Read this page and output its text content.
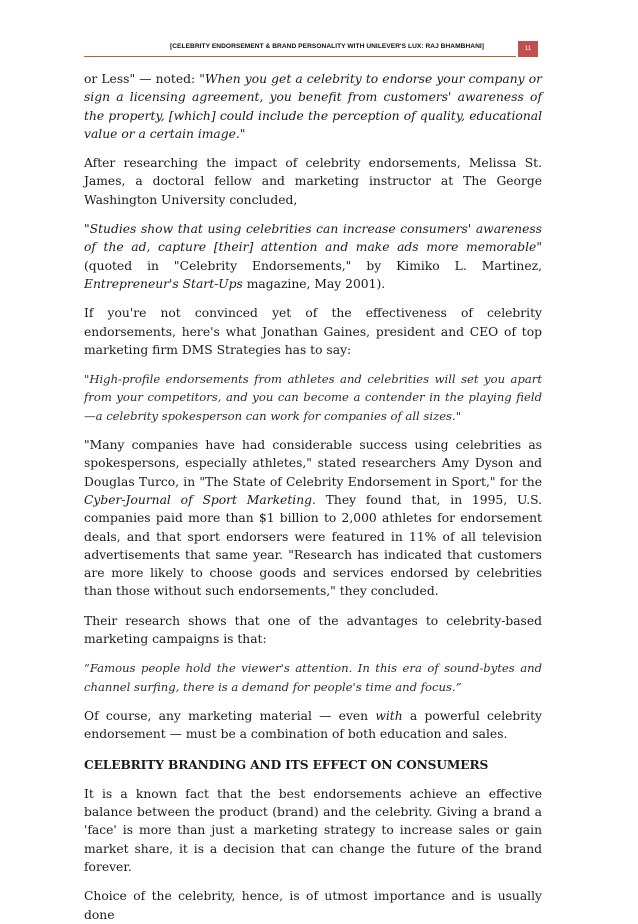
[CELEBRITY ENDORSEMENT & BRAND PERSONALITY WITH UNILEVER'S LUX: RAJ BHAMBHANI]	11

or Less" — noted: "When you get a celebrity to endorse your company or sign a licensing agreement, you benefit from customers' awareness of the property, [which] could include the perception of quality, educational value or a certain image."

After researching the impact of celebrity endorsements, Melissa St. James, a doctoral fellow and marketing instructor at The George Washington University concluded,

"Studies show that using celebrities can increase consumers' awareness of the ad, capture [their] attention and make ads more memorable" (quoted in "Celebrity Endorsements," by Kimiko L. Martinez, Entrepreneur's Start-Ups magazine, May 2001).

If you're not convinced yet of the effectiveness of celebrity endorsements, here's what Jonathan Gaines, president and CEO of top marketing firm DMS Strategies has to say:

"High-profile endorsements from athletes and celebrities will set you apart from your competitors, and you can become a contender in the playing field —a celebrity spokesperson can work for companies of all sizes."

"Many companies have had considerable success using celebrities as spokespersons, especially athletes," stated researchers Amy Dyson and Douglas Turco, in "The State of Celebrity Endorsement in Sport," for the Cyber-Journal of Sport Marketing. They found that, in 1995, U.S. companies paid more than $1 billion to 2,000 athletes for endorsement deals, and that sport endorsers were featured in 11% of all television advertisements that same year. "Research has indicated that customers are more likely to choose goods and services endorsed by celebrities than those without such endorsements," they concluded.

Their research shows that one of the advantages to celebrity-based marketing campaigns is that:

“Famous people hold the viewer's attention. In this era of sound-bytes and channel surfing, there is a demand for people's time and focus.”

Of course, any marketing material — even with a powerful celebrity endorsement — must be a combination of both education and sales.

CELEBRITY BRANDING AND ITS EFFECT ON CONSUMERS

It is a known fact that the best endorsements achieve an effective balance between the product (brand) and the celebrity. Giving a brand a 'face' is more than just a marketing strategy to increase sales or gain market share, it is a decision that can change the future of the brand forever.

Choice of the celebrity, hence, is of utmost importance and is usually done
